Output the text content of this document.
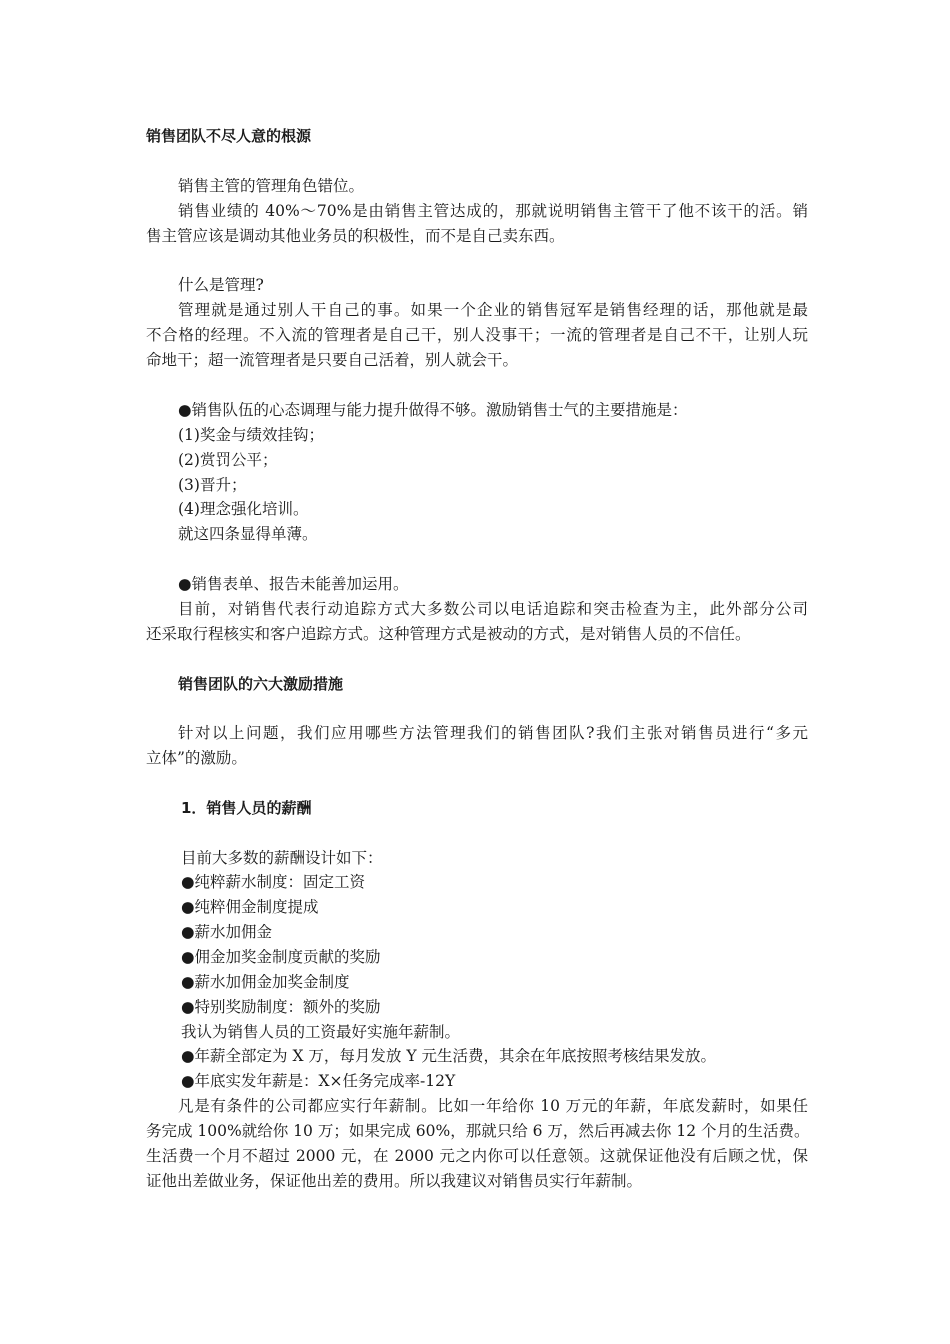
销售团队不尽人意的根源
销售主管的管理角色错位。
销售业绩的 40%～70%是由销售主管达成的，那就说明销售主管干了他不该干的活。销
售主管应该是调动其他业务员的积极性，而不是自己卖东西。
什么是管理?
管理就是通过别人干自己的事。如果一个企业的销售冠军是销售经理的话，那他就是最
不合格的经理。不入流的管理者是自己干，别人没事干；一流的管理者是自己不干，让别人玩
命地干；超一流管理者是只要自己活着，别人就会干。
●销售队伍的心态调理与能力提升做得不够。激励销售士气的主要措施是：
(1)奖金与绩效挂钩；
(2)赏罚公平；
(3)晋升；
(4)理念强化培训。
就这四条显得单薄。
●销售表单、报告未能善加运用。
目前，对销售代表行动追踪方式大多数公司以电话追踪和突击检查为主，此外部分公司
还采取行程核实和客户追踪方式。这种管理方式是被动的方式，是对销售人员的不信任。
销售团队的六大激励措施
针对以上问题，我们应用哪些方法管理我们的销售团队?我们主张对销售员进行“多元
立体”的激励。
1．销售人员的薪酬
目前大多数的薪酬设计如下：
●纯粹薪水制度：固定工资
●纯粹佣金制度提成
●薪水加佣金
●佣金加奖金制度贡献的奖励
●薪水加佣金加奖金制度
●特别奖励制度：额外的奖励
我认为销售人员的工资最好实施年薪制。
●年薪全部定为 X 万，每月发放 Y 元生活费，其余在年底按照考核结果发放。
●年底实发年薪是：X×任务完成率-12Y
凡是有条件的公司都应实行年薪制。比如一年给你 10 万元的年薪，年底发薪时，如果任
务完成 100%就给你 10 万；如果完成 60%，那就只给 6 万，然后再减去你 12 个月的生活费。
生活费一个月不超过 2000 元，在 2000 元之内你可以任意领。这就保证他没有后顾之忧，保
证他出差做业务，保证他出差的费用。所以我建议对销售员实行年薪制。
